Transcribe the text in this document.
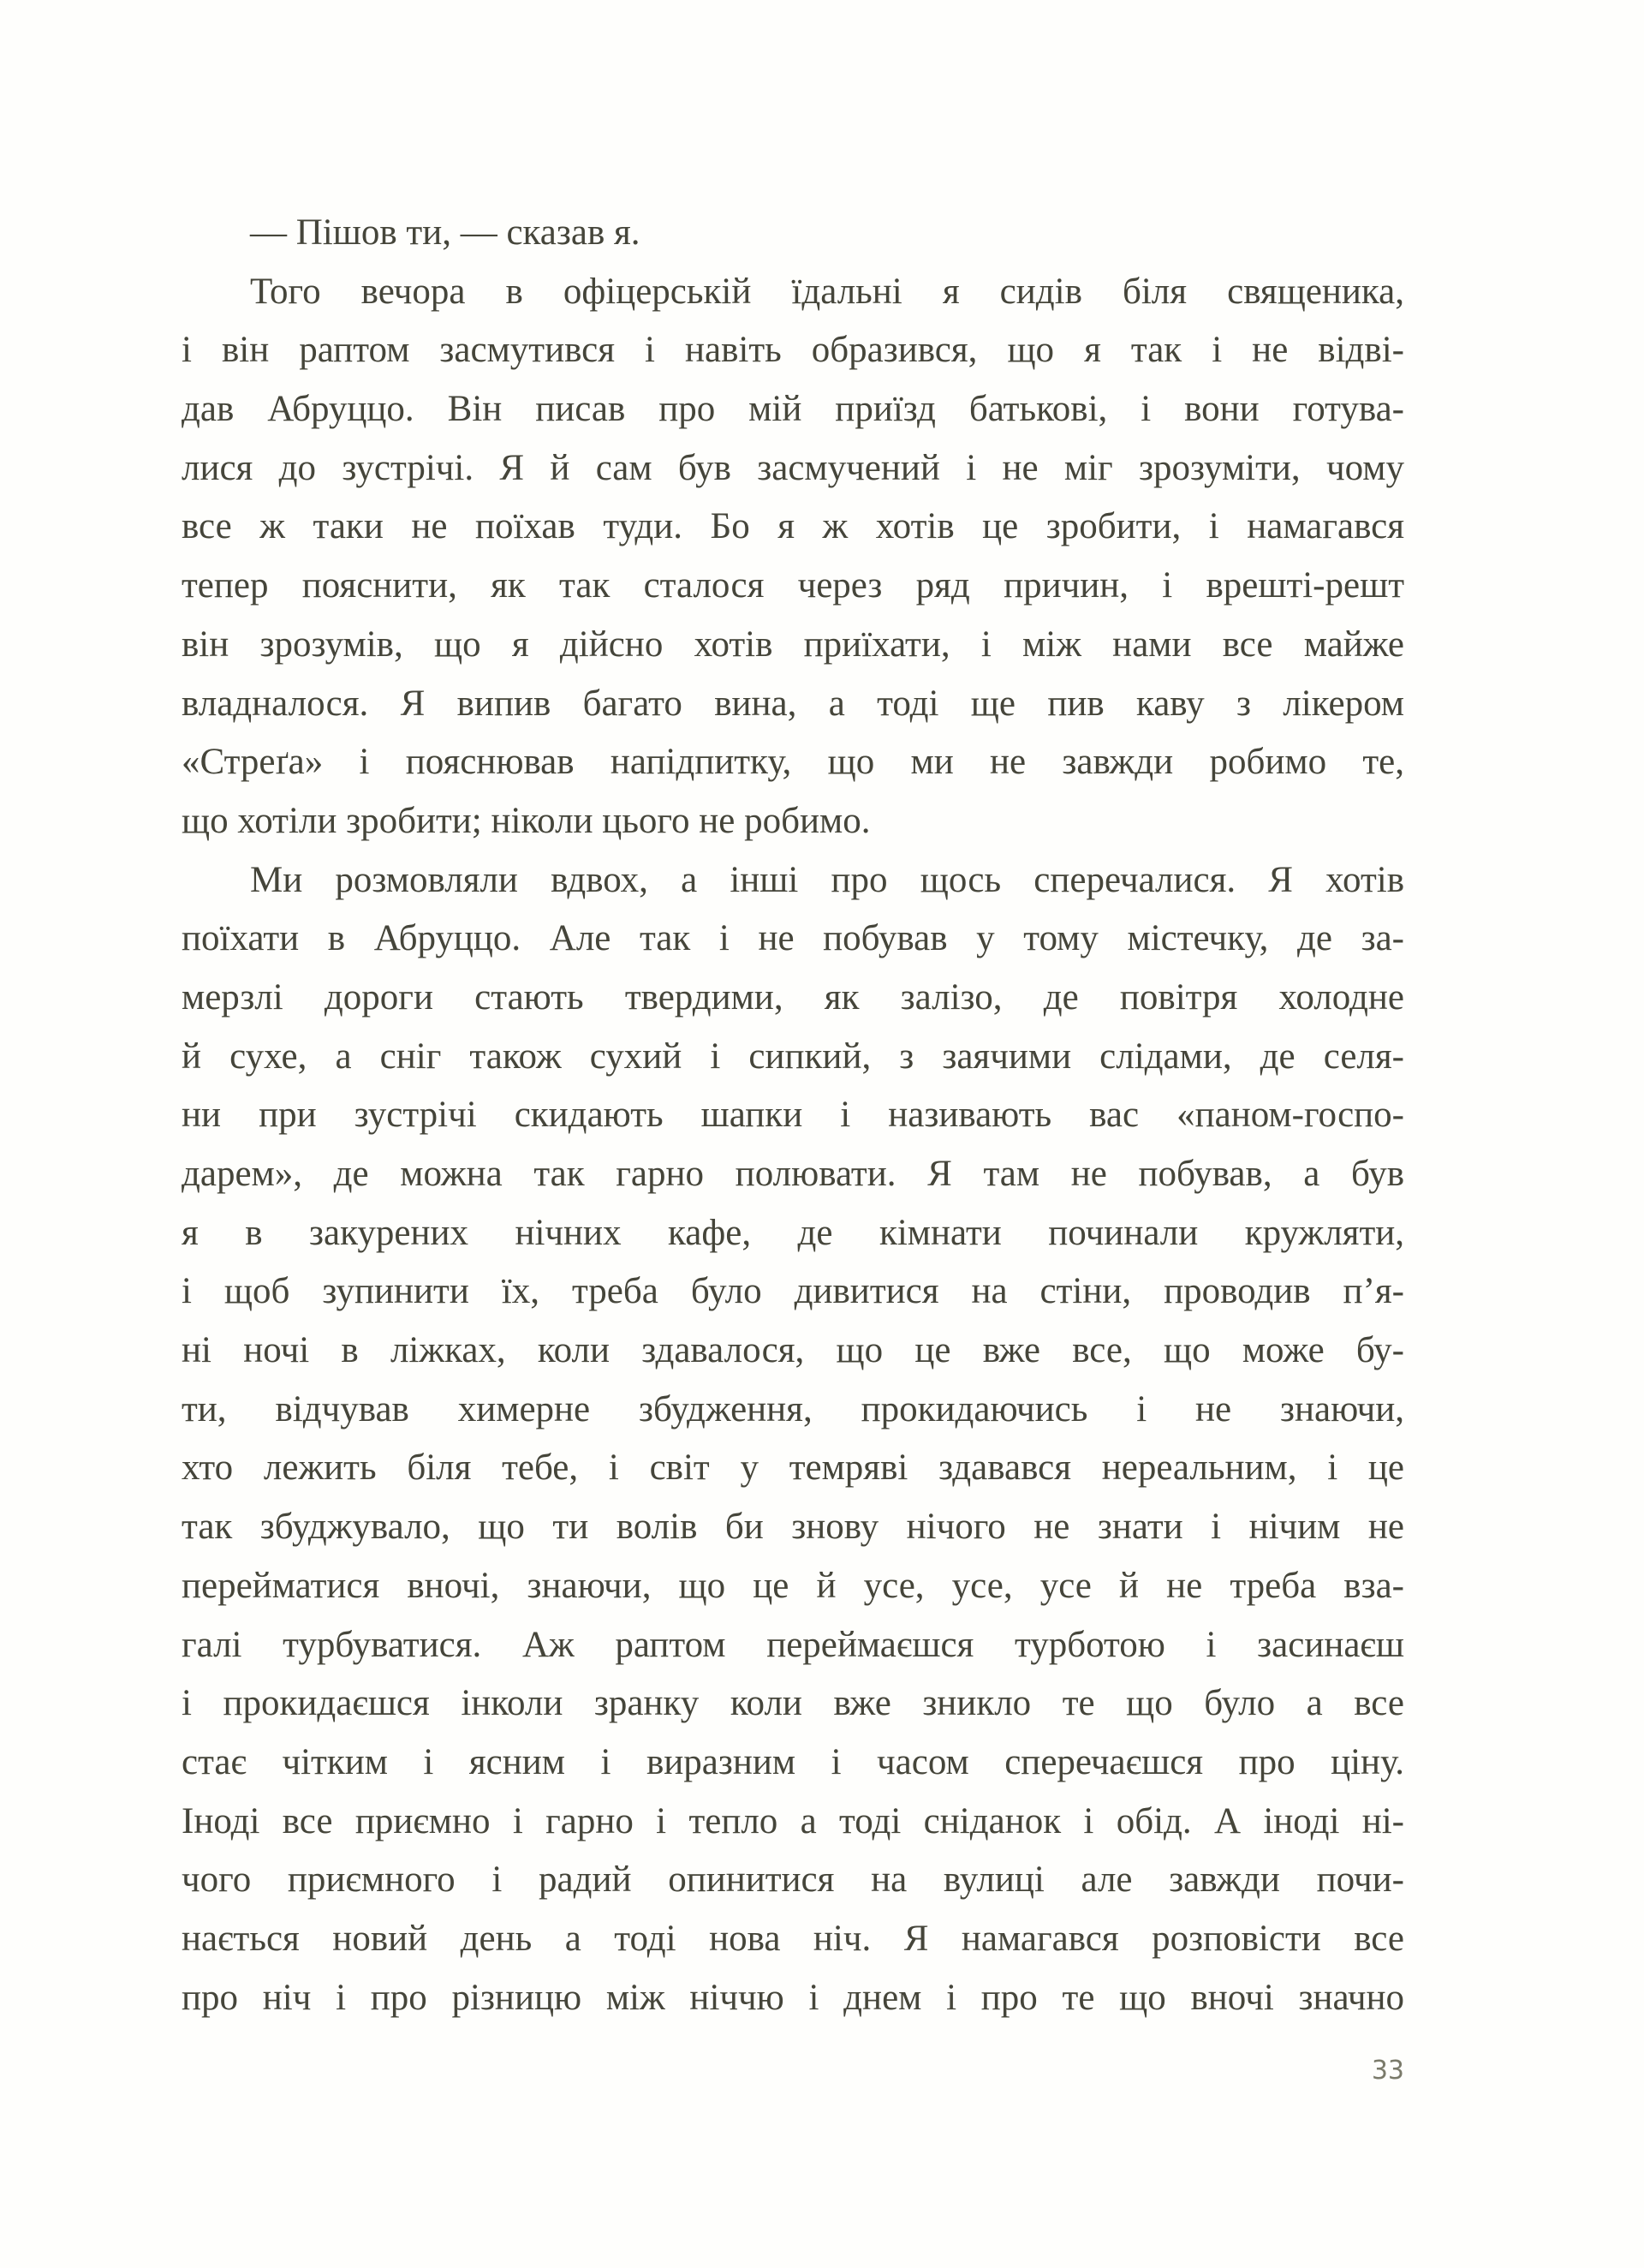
— Пішов ти, — сказав я.
Того вечора в офіцерській їдальні я сидів біля священика,
і він раптом засмутився і навіть образився, що я так і не відві-
дав Абруццо. Він писав про мій приїзд батькові, і вони готува-
лися до зустрічі. Я й сам був засмучений і не міг зрозуміти, чому
все ж таки не поїхав туди. Бо я ж хотів це зробити, і намагався
тепер пояснити, як так сталося через ряд причин, і врешті-решт
він зрозумів, що я дійсно хотів приїхати, і між нами все майже
владналося. Я випив багато вина, а тоді ще пив каву з лікером
«Стреґа» і пояснював напідпитку, що ми не завжди робимо те,
що хотіли зробити; ніколи цього не робимо.
Ми розмовляли вдвох, а інші про щось сперечалися. Я хотів
поїхати в Абруццо. Але так і не побував у тому містечку, де за-
мерзлі дороги стають твердими, як залізо, де повітря холодне
й сухе, а сніг також сухий і сипкий, з заячими слідами, де селя-
ни при зустрічі скидають шапки і називають вас «паном-госпо-
дарем», де можна так гарно полювати. Я там не побував, а був
я в закурених нічних кафе, де кімнати починали кружляти,
і щоб зупинити їх, треба було дивитися на стіни, проводив п’я-
ні ночі в ліжках, коли здавалося, що це вже все, що може бу-
ти, відчував химерне збудження, прокидаючись і не знаючи,
хто лежить біля тебе, і світ у темряві здавався нереальним, і це
так збуджувало, що ти волів би знову нічого не знати і нічим не
перейматися вночі, знаючи, що це й усе, усе, усе й не треба вза-
галі турбуватися. Аж раптом переймаєшся турботою і засинаєш
і прокидаєшся інколи зранку коли вже зникло те що було а все
стає чітким і ясним і виразним і часом сперечаєшся про ціну.
Іноді все приємно і гарно і тепло а тоді сніданок і обід. А іноді ні-
чого приємного і радий опинитися на вулиці але завжди почи-
нається новий день а тоді нова ніч. Я намагався розповісти все
про ніч і про різницю між ніччю і днем і про те що вночі значно
33
